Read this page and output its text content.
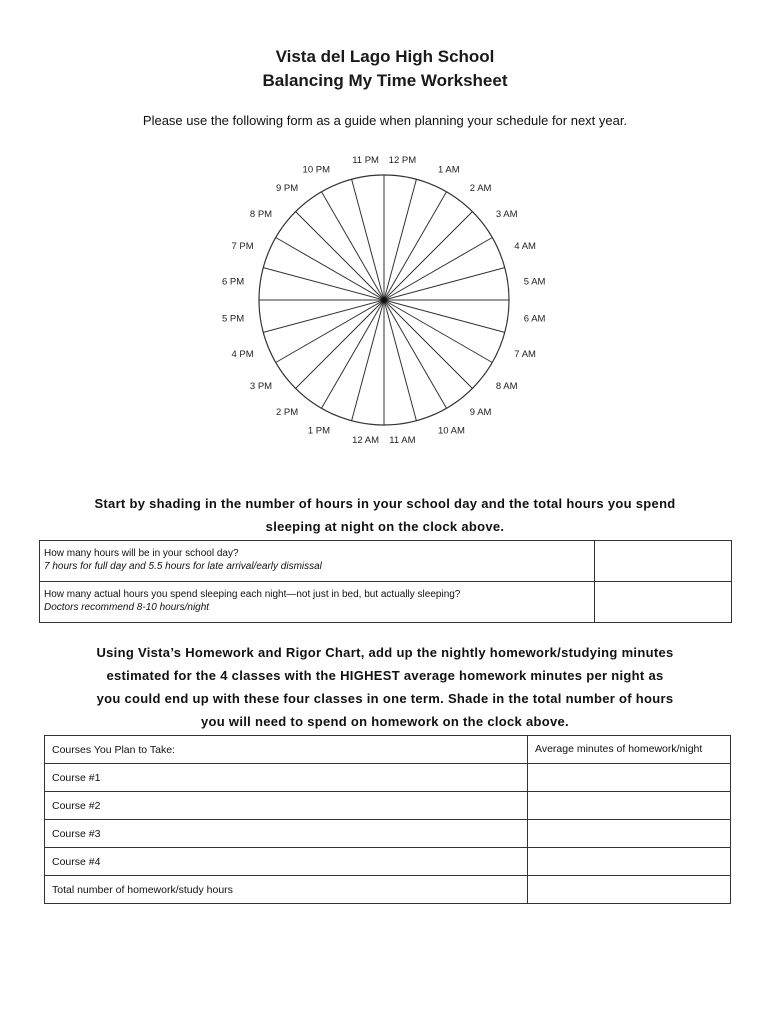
Vista del Lago High School
Balancing My Time Worksheet
Please use the following form as a guide when planning your schedule for next year.
12 PM
1 AM
2 AM
3 AM
4 AM
5 AM
6 AM
7 AM
8 AM
9 AM
10 AM
11 AM
12 AM
1 PM
2 PM
3 PM
4 PM
5 PM
6 PM
7 PM
8 PM
9 PM
10 PM
11 PM
Start by shading in the number of hours in your school day and the total hours you spend
sleeping at night on the clock above.
How many hours will be in your school day?
7 hours for full day and 5.5 hours for late arrival/early dismissal	

How many actual hours you spend sleeping each night—not just in bed, but actually sleeping?
Doctors recommend 8-10 hours/night	

Using Vista’s Homework and Rigor Chart, add up the nightly homework/studying minutes
estimated for the 4 classes with the HIGHEST average homework minutes per night as
you could end up with these four classes in one term. Shade in the total number of hours
you will need to spend on homework on the clock above.
Courses You Plan to Take:	Average minutes of homework/night
Course #1	
Course #2	
Course #3	
Course #4	
Total number of homework/study hours	
